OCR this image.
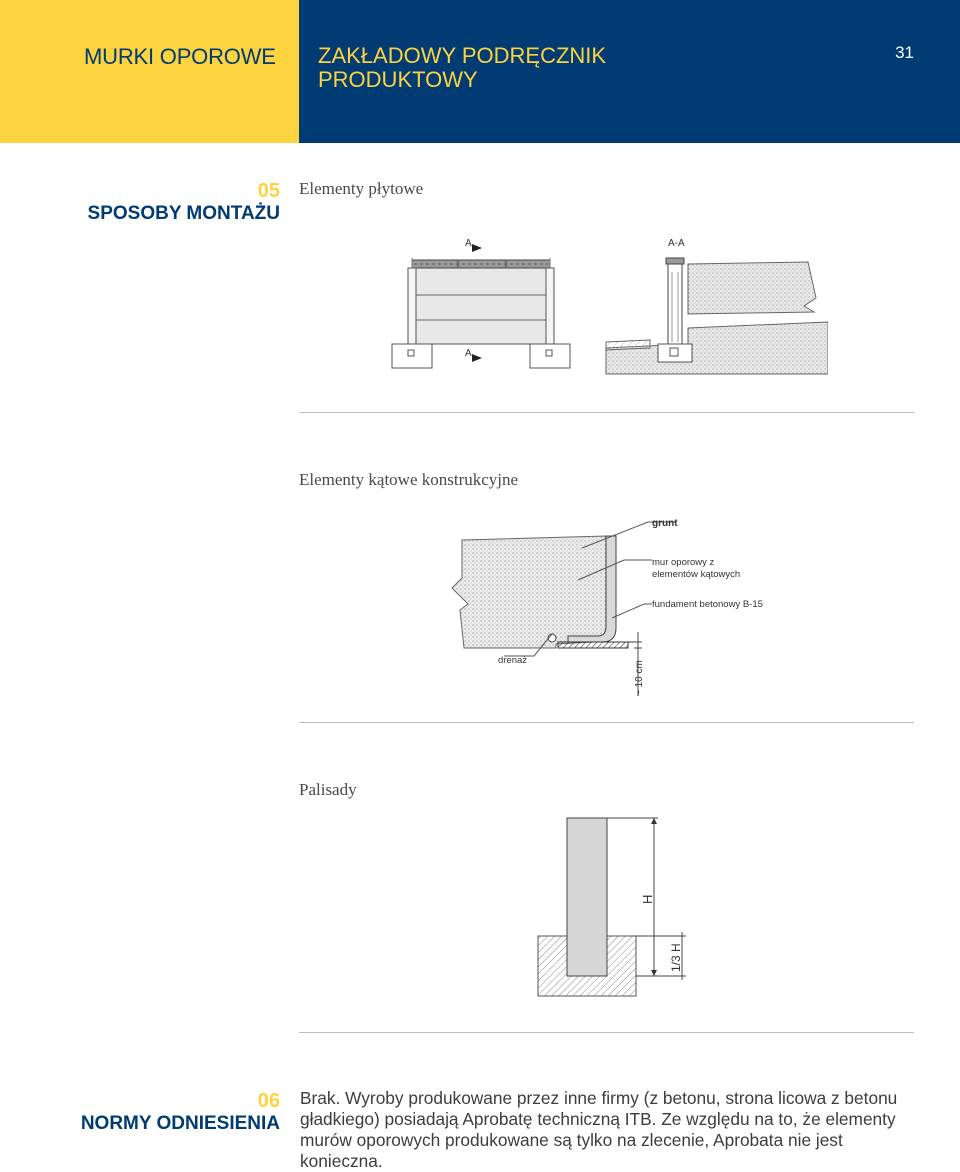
MURKI OPOROWE ZAKŁADOWY PODRĘCZNIK PRODUKTOWY
31
05
SPOSOBY MONTAŻU
Elementy płytowe
A
A
A-A
Elementy kątowe konstrukcyjne
~ 10 cm
grunt
mur oporowy z
elementów kątowych
fundament betonowy B-15
drenaż
Palisady
H
1/3 H
06
NORMY ODNIESIENIA
Brak. Wyroby produkowane przez inne firmy (z betonu, strona licowa z betonu gładkiego) posiadają Aprobatę techniczną ITB. Ze względu na to, że elementy murów oporowych produkowane są tylko na zlecenie, Aprobata nie jest konieczna.
